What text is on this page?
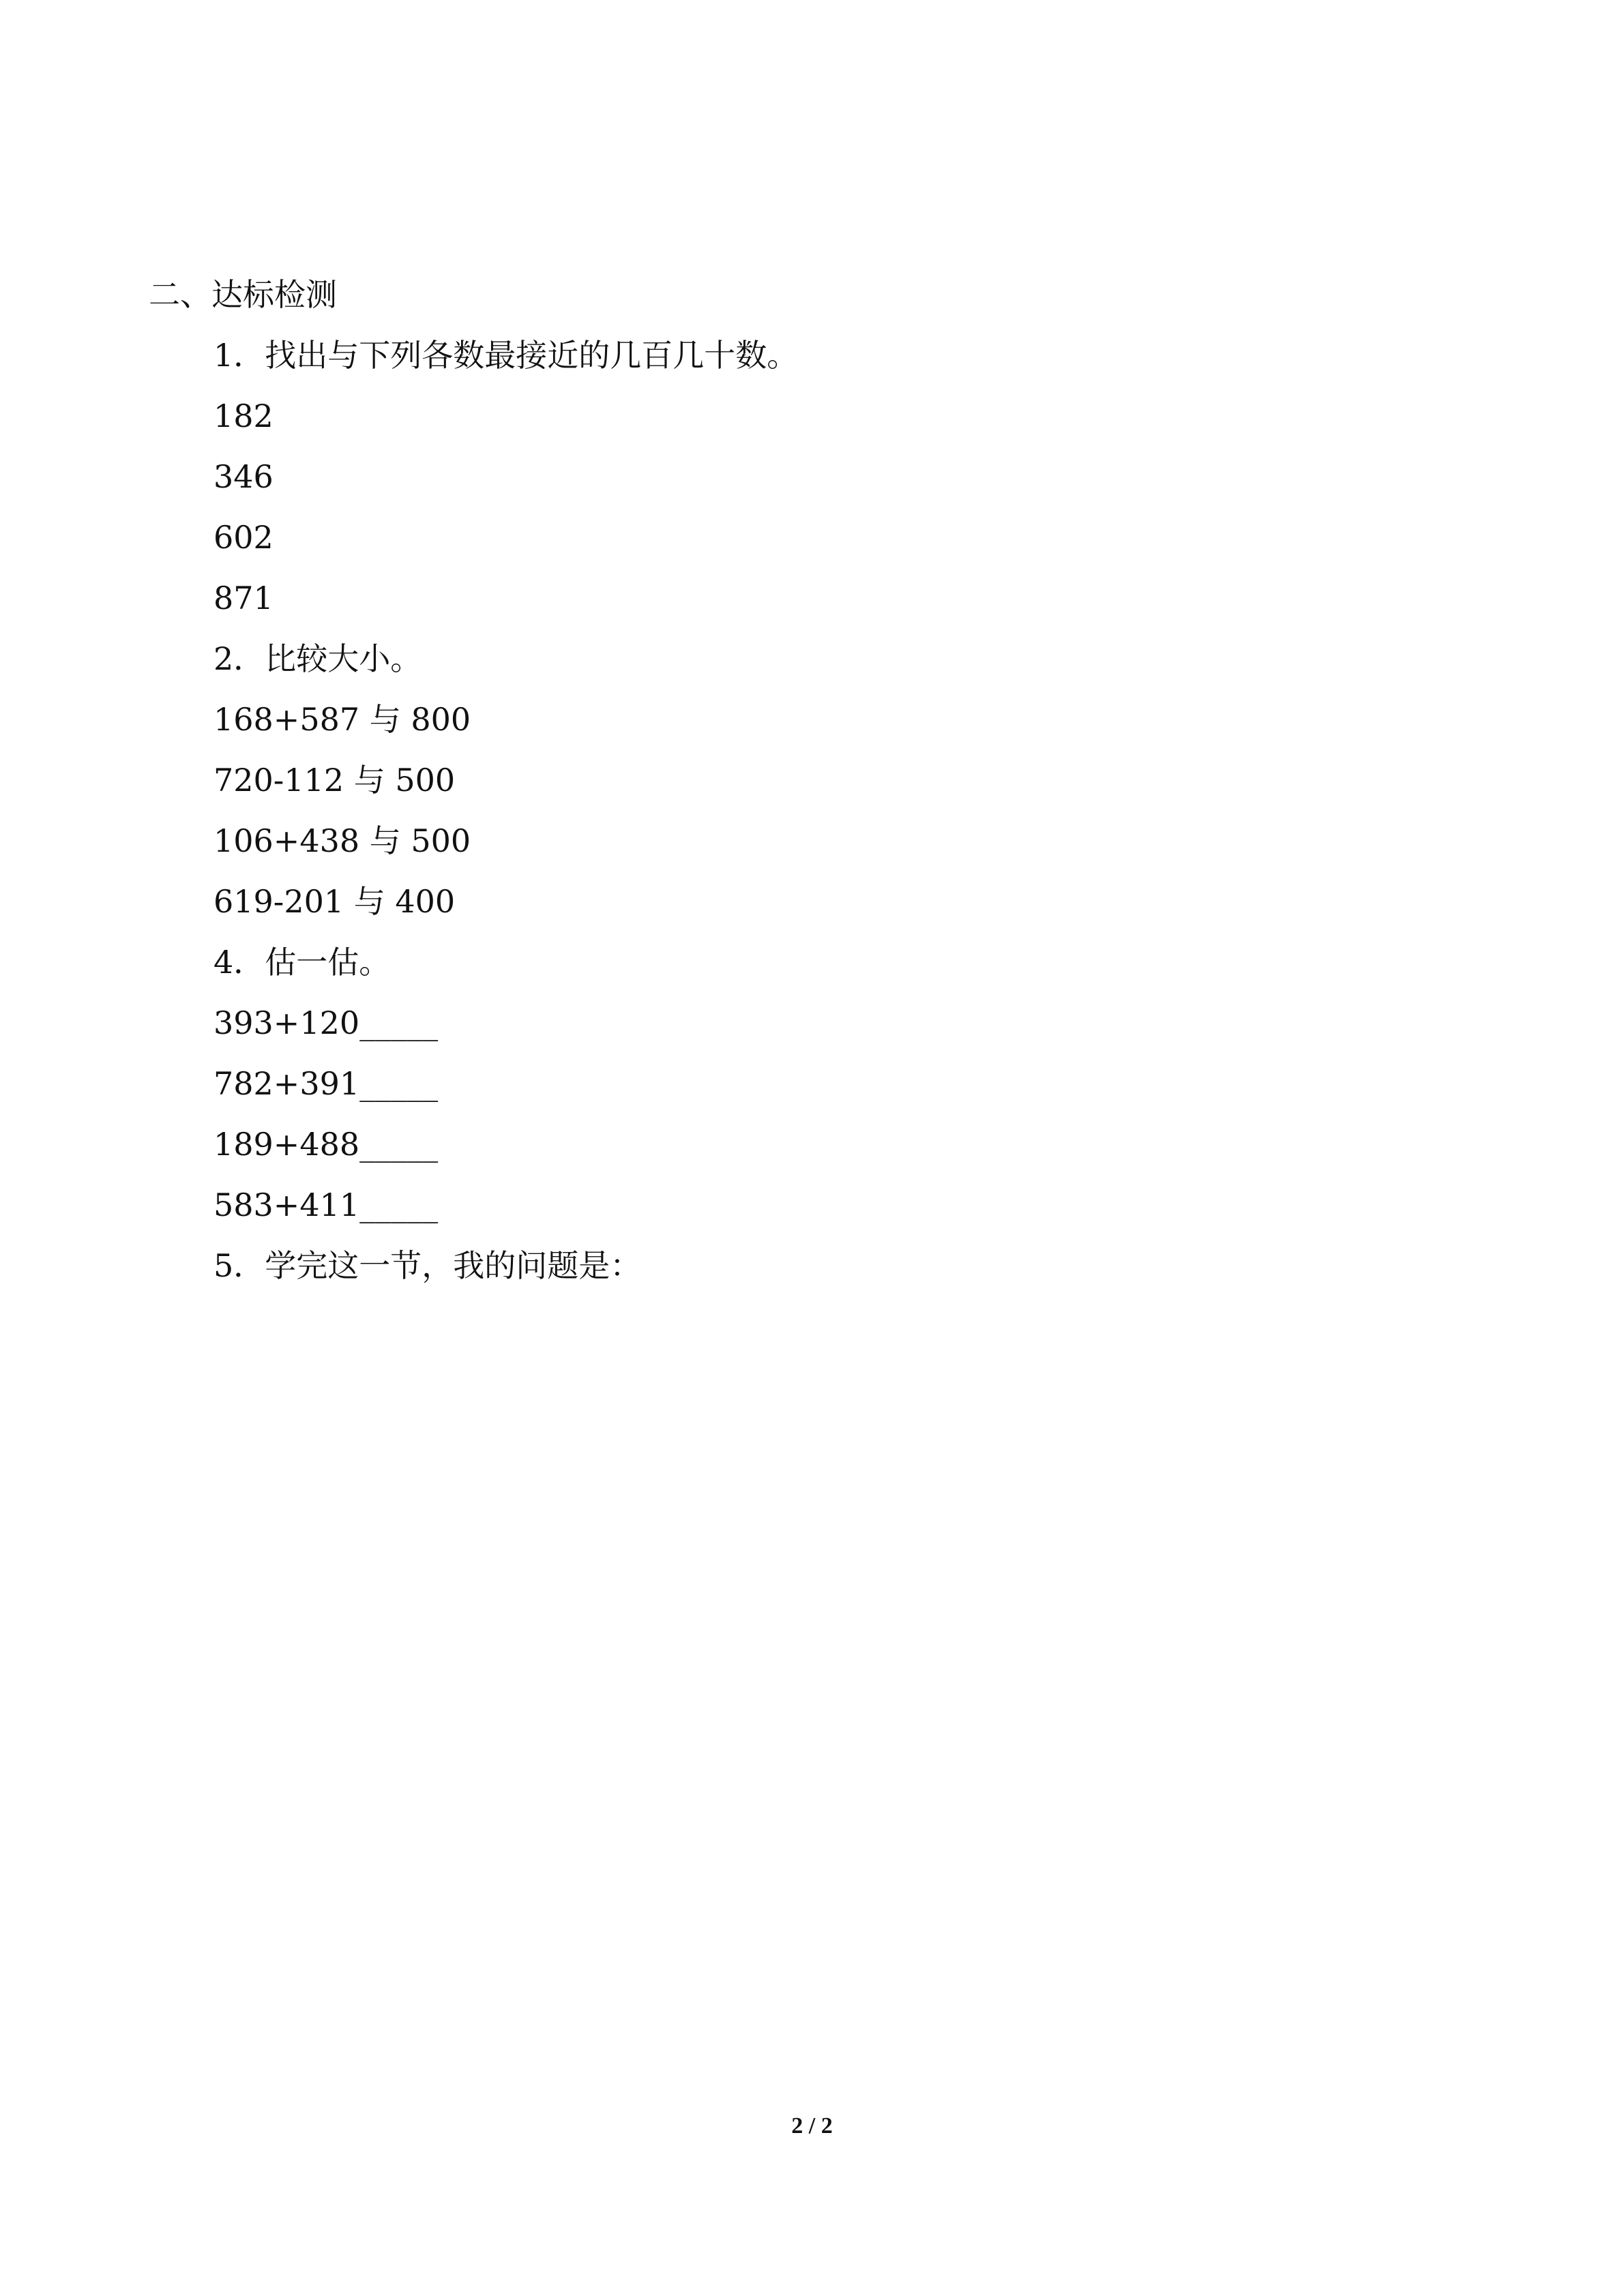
二、达标检测
1．找出与下列各数最接近的几百几十数。
182
346
602
871
2．比较大小。
168+587 与 800
720-112 与 500
106+438 与 500
619-201 与 400
4．估一估。
393+120_____
782+391_____
189+488_____
583+411_____
5．学完这一节，我的问题是：
2 / 2
